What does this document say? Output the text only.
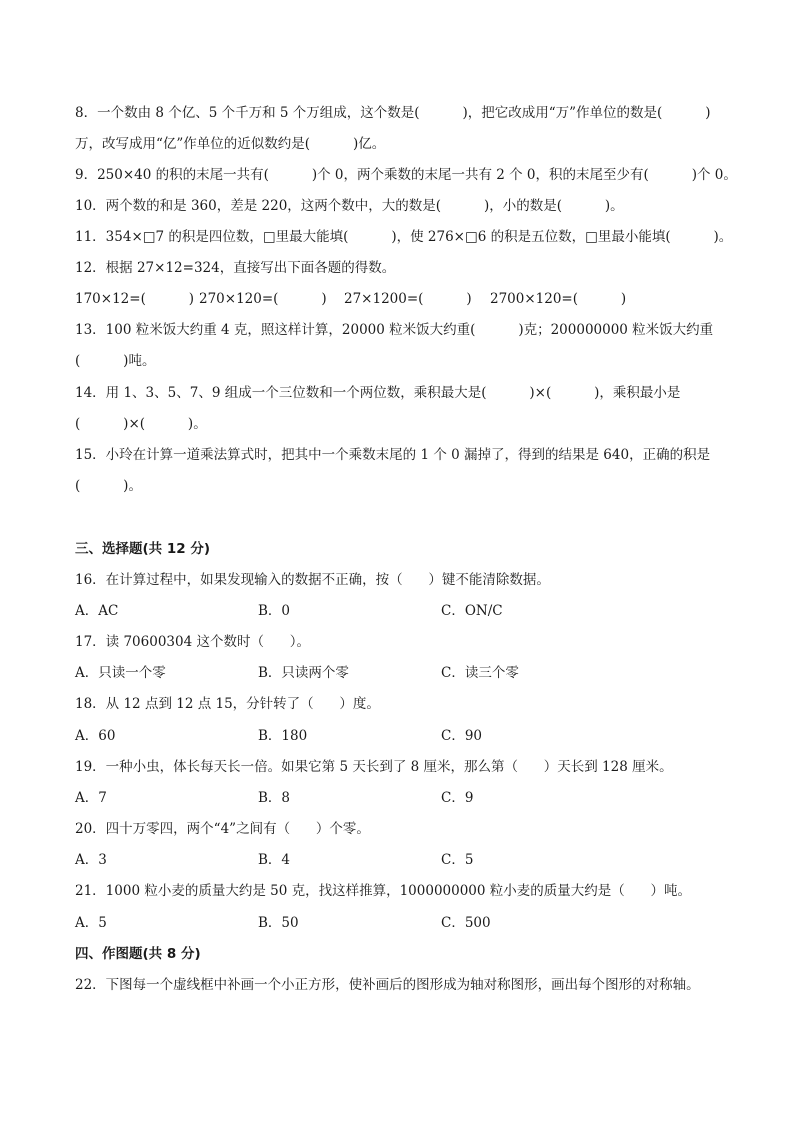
8．一个数由 8 个亿、5 个千万和 5 个万组成，这个数是(          )，把它改成用“万”作单位的数是(          )
万，改写成用“亿”作单位的近似数约是(          )亿。
9．250×40 的积的末尾一共有(          )个 0，两个乘数的末尾一共有 2 个 0，积的末尾至少有(          )个 0。
10．两个数的和是 360，差是 220，这两个数中，大的数是(          )，小的数是(          )。
11．354×□7 的积是四位数，□里最大能填(          )，使 276×□6 的积是五位数，□里最小能填(          )。
12．根据 27×12=324，直接写出下面各题的得数。
170×12=(          ) 270×120=(          ) 27×1200=(          ) 2700×120=(          )
13．100 粒米饭大约重 4 克，照这样计算，20000 粒米饭大约重(          )克；200000000 粒米饭大约重
(          )吨。
14．用 1、3、5、7、9 组成一个三位数和一个两位数，乘积最大是(          )×(          )，乘积最小是
(          )×(          )。
15．小玲在计算一道乘法算式时，把其中一个乘数末尾的 1 个 0 漏掉了，得到的结果是 640，正确的积是
(          )。
三、选择题(共 12 分)
16．在计算过程中，如果发现输入的数据不正确，按（      ）键不能清除数据。
A．AC	B．0	C．ON/C
17．读 70600304 这个数时（      ）。
A．只读一个零	B．只读两个零	C．读三个零
18．从 12 点到 12 点 15，分针转了（      ）度。
A．60	B．180	C．90
19．一种小虫，体长每天长一倍。如果它第 5 天长到了 8 厘米，那么第（      ）天长到 128 厘米。
A．7	B．8	C．9
20．四十万零四，两个“4”之间有（      ）个零。
A．3	B．4	C．5
21．1000 粒小麦的质量大约是 50 克，找这样推算，1000000000 粒小麦的质量大约是（      ）吨。
A．5	B．50	C．500
四、作图题(共 8 分)
22．下图每一个虚线框中补画一个小正方形，使补画后的图形成为轴对称图形，画出每个图形的对称轴。
